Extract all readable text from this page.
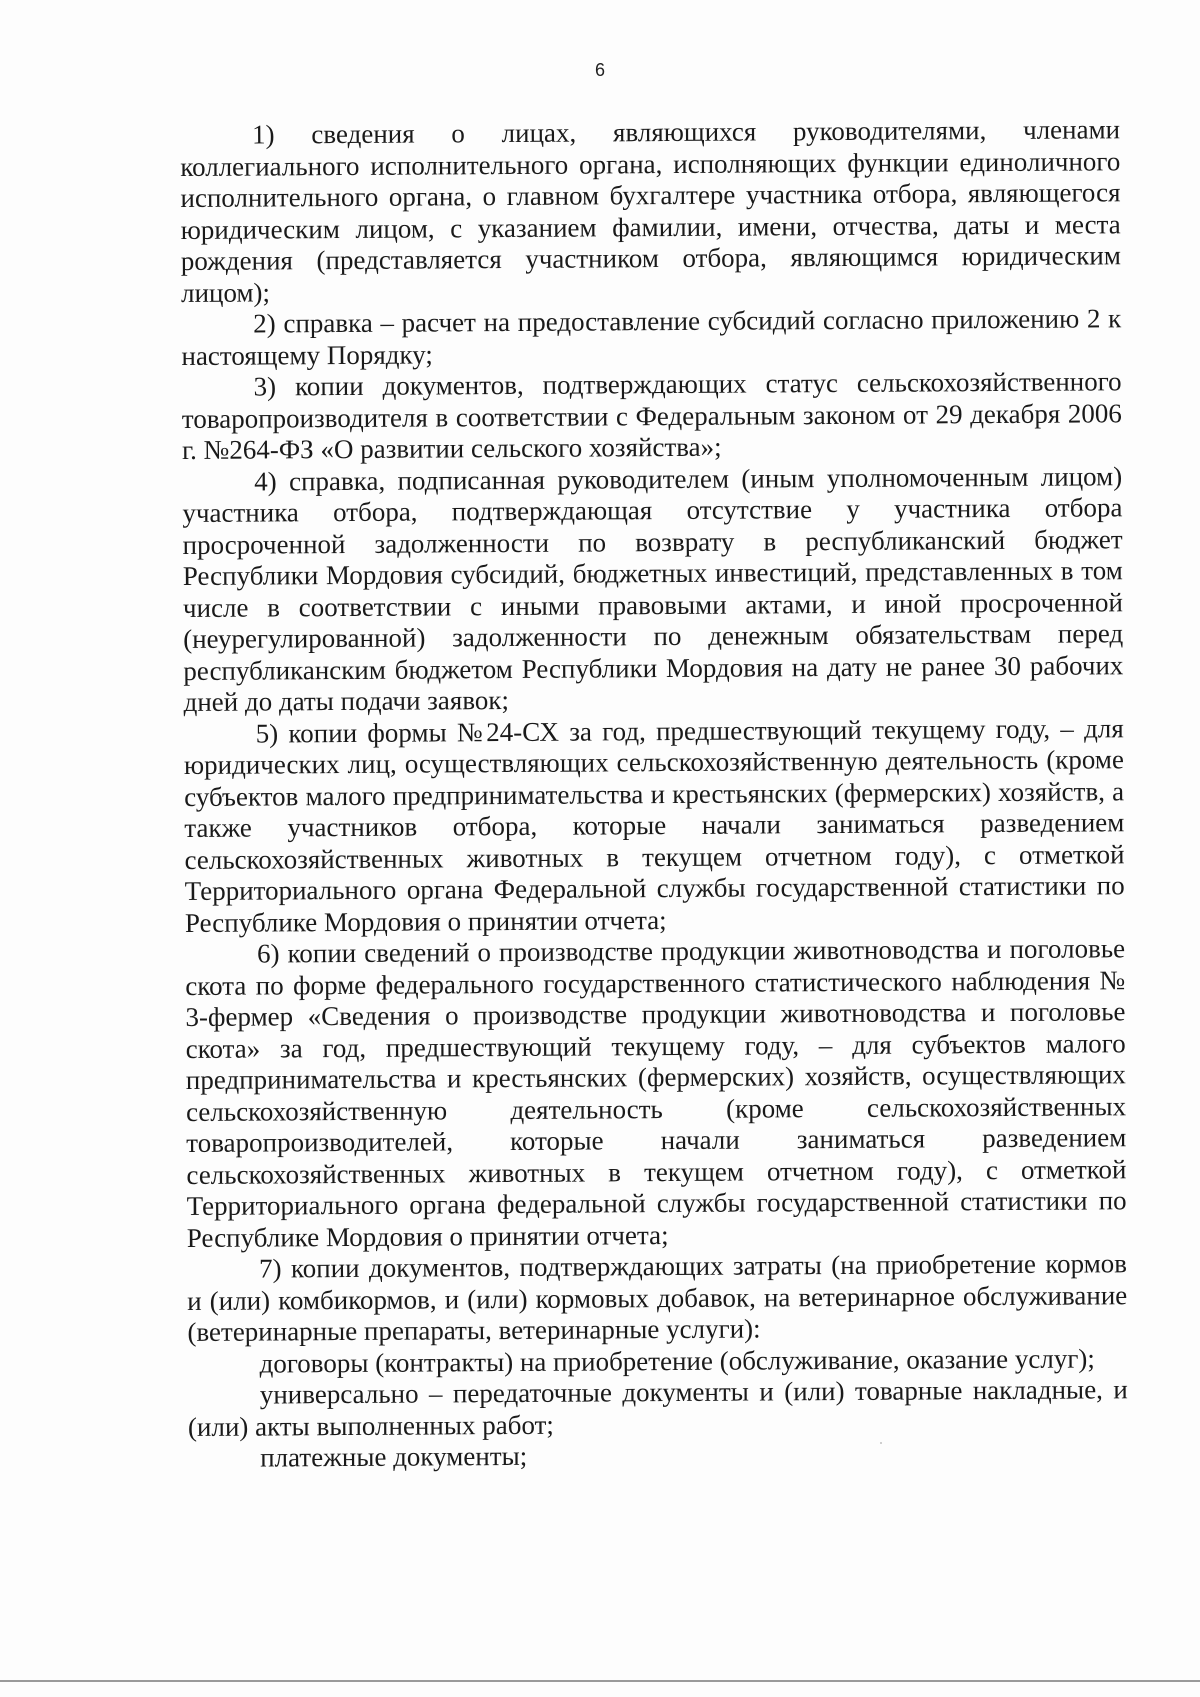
6

1) сведения о лицах, являющихся руководителями, членами коллегиального исполнительного органа, исполняющих функции единоличного исполнительного органа, о главном бухгалтере участника отбора, являющегося юридическим лицом, с указанием фамилии, имени, отчества, даты и места рождения (представляется участником отбора, являющимся юридическим лицом);

2) справка – расчет на предоставление субсидий согласно приложению 2 к настоящему Порядку;

3) копии документов, подтверждающих статус сельскохозяйственного товаропроизводителя в соответствии с Федеральным законом от 29 декабря 2006 г. №264-ФЗ «О развитии сельского хозяйства»;

4) справка, подписанная руководителем (иным уполномоченным лицом) участника отбора, подтверждающая отсутствие у участника отбора просроченной задолженности по возврату в республиканский бюджет Республики Мордовия субсидий, бюджетных инвестиций, представленных в том числе в соответствии с иными правовыми актами, и иной просроченной (неурегулированной) задолженности по денежным обязательствам перед республиканским бюджетом Республики Мордовия на дату не ранее 30 рабочих дней до даты подачи заявок;

5) копии формы №24-СХ за год, предшествующий текущему году, – для юридических лиц, осуществляющих сельскохозяйственную деятельность (кроме субъектов малого предпринимательства и крестьянских (фермерских) хозяйств, а также участников отбора, которые начали заниматься разведением сельскохозяйственных животных в текущем отчетном году), с отметкой Территориального органа Федеральной службы государственной статистики по Республике Мордовия о принятии отчета;

6) копии сведений о производстве продукции животноводства и поголовье скота по форме федерального государственного статистического наблюдения № 3-фермер «Сведения о производстве продукции животноводства и поголовье скота» за год, предшествующий текущему году, – для субъектов малого предпринимательства и крестьянских (фермерских) хозяйств, осуществляющих сельскохозяйственную деятельность (кроме сельскохозяйственных товаропроизводителей, которые начали заниматься разведением сельскохозяйственных животных в текущем отчетном году), с отметкой Территориального органа федеральной службы государственной статистики по Республике Мордовия о принятии отчета;

7) копии документов, подтверждающих затраты (на приобретение кормов и (или) комбикормов, и (или) кормовых добавок, на ветеринарное обслуживание (ветеринарные препараты, ветеринарные услуги):

договоры (контракты) на приобретение (обслуживание, оказание услуг);

универсально – передаточные документы и (или) товарные накладные, и (или) акты выполненных работ;

платежные документы;
